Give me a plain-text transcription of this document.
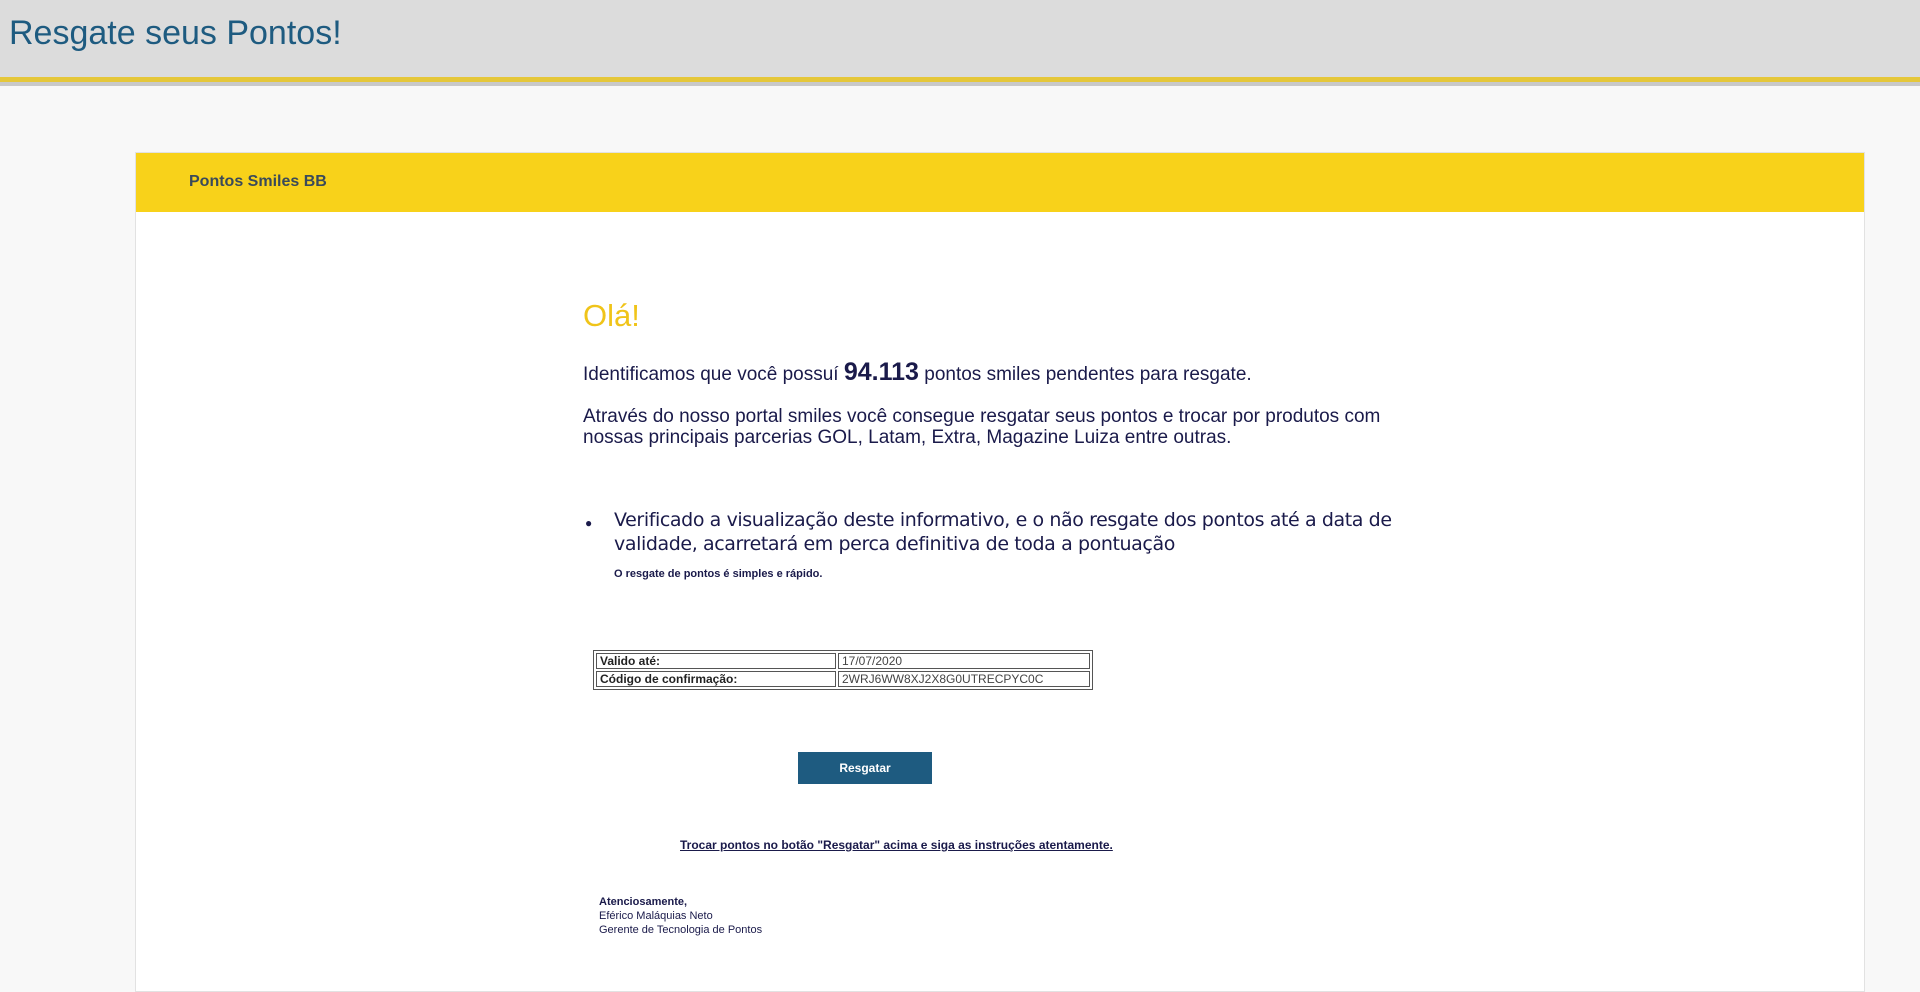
Resgate seus Pontos!
Pontos Smiles BB
Olá!
Identificamos que você possuí 94.113 pontos smiles pendentes para resgate.
Através do nosso portal smiles você consegue resgatar seus pontos e trocar por produtos com nossas principais parcerias GOL, Latam, Extra, Magazine Luiza entre outras.
● Verificado a visualização deste informativo, e o não resgate dos pontos até a data de validade, acarretará em perca definitiva de toda a pontuação
O resgate de pontos é simples e rápido.
Valido até:	17/07/2020
Código de confirmação:	2WRJ6WW8XJ2X8G0UTRECPYC0C
Resgatar
Trocar pontos no botão "Resgatar" acima e siga as instruções atentamente.
Atenciosamente,
Eférico Maláquias Neto
Gerente de Tecnologia de Pontos
